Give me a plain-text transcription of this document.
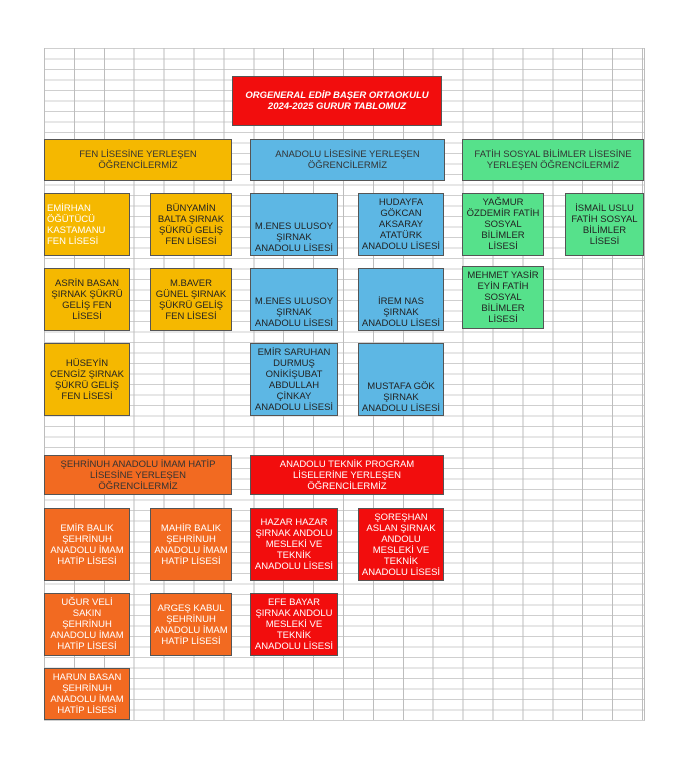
ORGENERAL EDİP BAŞER ORTAOKULU
2024-2025 GURUR TABLOMUZ
FEN LİSESİNE YERLEŞEN
ÖĞRENCİLERMİZ
ANADOLU LİSESİNE YERLEŞEN
ÖĞRENCİLERMİZ
FATİH SOSYAL BİLİMLER LİSESİNE
YERLEŞEN ÖĞRENCİLERMİZ
EMİRHAN
ÖĞÜTÜCÜ
KASTAMANU
FEN LİSESİ
BÜNYAMİN
BALTA ŞIRNAK
ŞÜKRÜ GELİŞ
FEN LİSESİ
ASRİN BASAN
ŞIRNAK ŞÜKRÜ
GELİŞ FEN
LİSESİ
M.BAVER
GÜNEL ŞIRNAK
ŞÜKRÜ GELİŞ
FEN LİSESİ
HÜSEYİN
CENGİZ ŞIRNAK
ŞÜKRÜ GELİŞ
FEN LİSESİ
M.ENES ULUSOY
ŞIRNAK
ANADOLU LİSESİ
HUDAYFA
GÖKCAN
AKSARAY
ATATÜRK
ANADOLU LİSESİ
M.ENES ULUSOY
ŞIRNAK
ANADOLU LİSESİ
İREM NAS
ŞIRNAK
ANADOLU LİSESİ
EMİR SARUHAN
DURMUŞ
ONİKİŞUBAT
ABDULLAH
ÇİNKAY
ANADOLU LİSESİ
MUSTAFA GÖK
ŞIRNAK
ANADOLU LİSESİ
YAĞMUR
ÖZDEMİR FATİH
SOSYAL
BİLİMLER
LİSESİ
İSMAİL USLU
FATİH SOSYAL
BİLİMLER
LİSESİ
MEHMET YASİR
EYİN FATİH
SOSYAL
BİLİMLER
LİSESİ
ŞEHRİNUH ANADOLU İMAM HATİP
LİSESİNE YERLEŞEN
ÖĞRENCİLERMİZ
ANADOLU TEKNİK PROGRAM
LİSELERİNE YERLEŞEN
ÖĞRENCİLERMİZ
EMİR BALIK
ŞEHRİNUH
ANADOLU İMAM
HATİP LİSESİ
MAHİR BALIK
ŞEHRİNUH
ANADOLU İMAM
HATİP LİSESİ
UĞUR VELİ
SAKIN
ŞEHRİNUH
ANADOLU İMAM
HATİP LİSESİ
ARGEŞ KABUL
ŞEHRİNUH
ANADOLU İMAM
HATİP LİSESİ
HARUN BASAN
ŞEHRİNUH
ANADOLU İMAM
HATİP LİSESİ
HAZAR HAZAR
ŞIRNAK ANDOLU
MESLEKİ VE
TEKNİK
ANADOLU LİSESİ
ŞOREŞHAN
ASLAN ŞIRNAK
ANDOLU
MESLEKİ VE
TEKNİK
ANADOLU LİSESİ
EFE BAYAR
ŞIRNAK ANDOLU
MESLEKİ VE
TEKNİK
ANADOLU LİSESİ
